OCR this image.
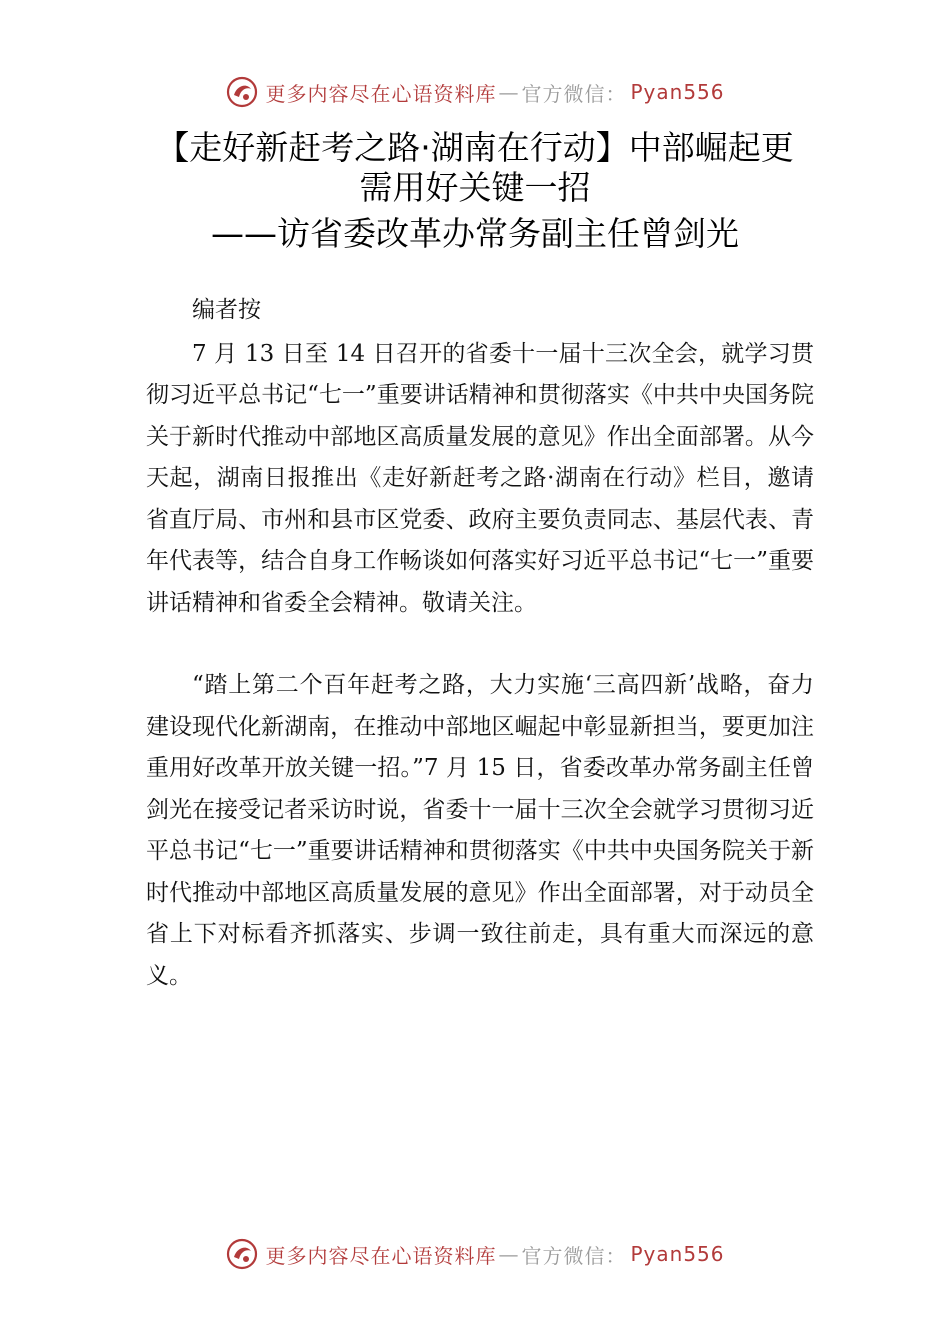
更多内容尽在心语资料库 — 官方微信： Pyan556
【走好新赶考之路·湖南在行动】中部崛起更
需用好关键一招
——访省委改革办常务副主任曾剑光

编者按

7 月 13 日至 14 日召开的省委十一届十三次全会，就学习贯彻习近平总书记“七一”重要讲话精神和贯彻落实《中共中央国务院关于新时代推动中部地区高质量发展的意见》作出全面部署。从今天起，湖南日报推出《走好新赶考之路·湖南在行动》栏目，邀请省直厅局、市州和县市区党委、政府主要负责同志、基层代表、青年代表等，结合自身工作畅谈如何落实好习近平总书记“七一”重要讲话精神和省委全会精神。敬请关注。

“踏上第二个百年赶考之路，大力实施‘三高四新’战略，奋力建设现代化新湖南，在推动中部地区崛起中彰显新担当，要更加注重用好改革开放关键一招。”7 月 15 日，省委改革办常务副主任曾剑光在接受记者采访时说，省委十一届十三次全会就学习贯彻习近平总书记“七一”重要讲话精神和贯彻落实《中共中央国务院关于新时代推动中部地区高质量发展的意见》作出全面部署，对于动员全省上下对标看齐抓落实、步调一致往前走，具有重大而深远的意义。

更多内容尽在心语资料库 — 官方微信： Pyan556
